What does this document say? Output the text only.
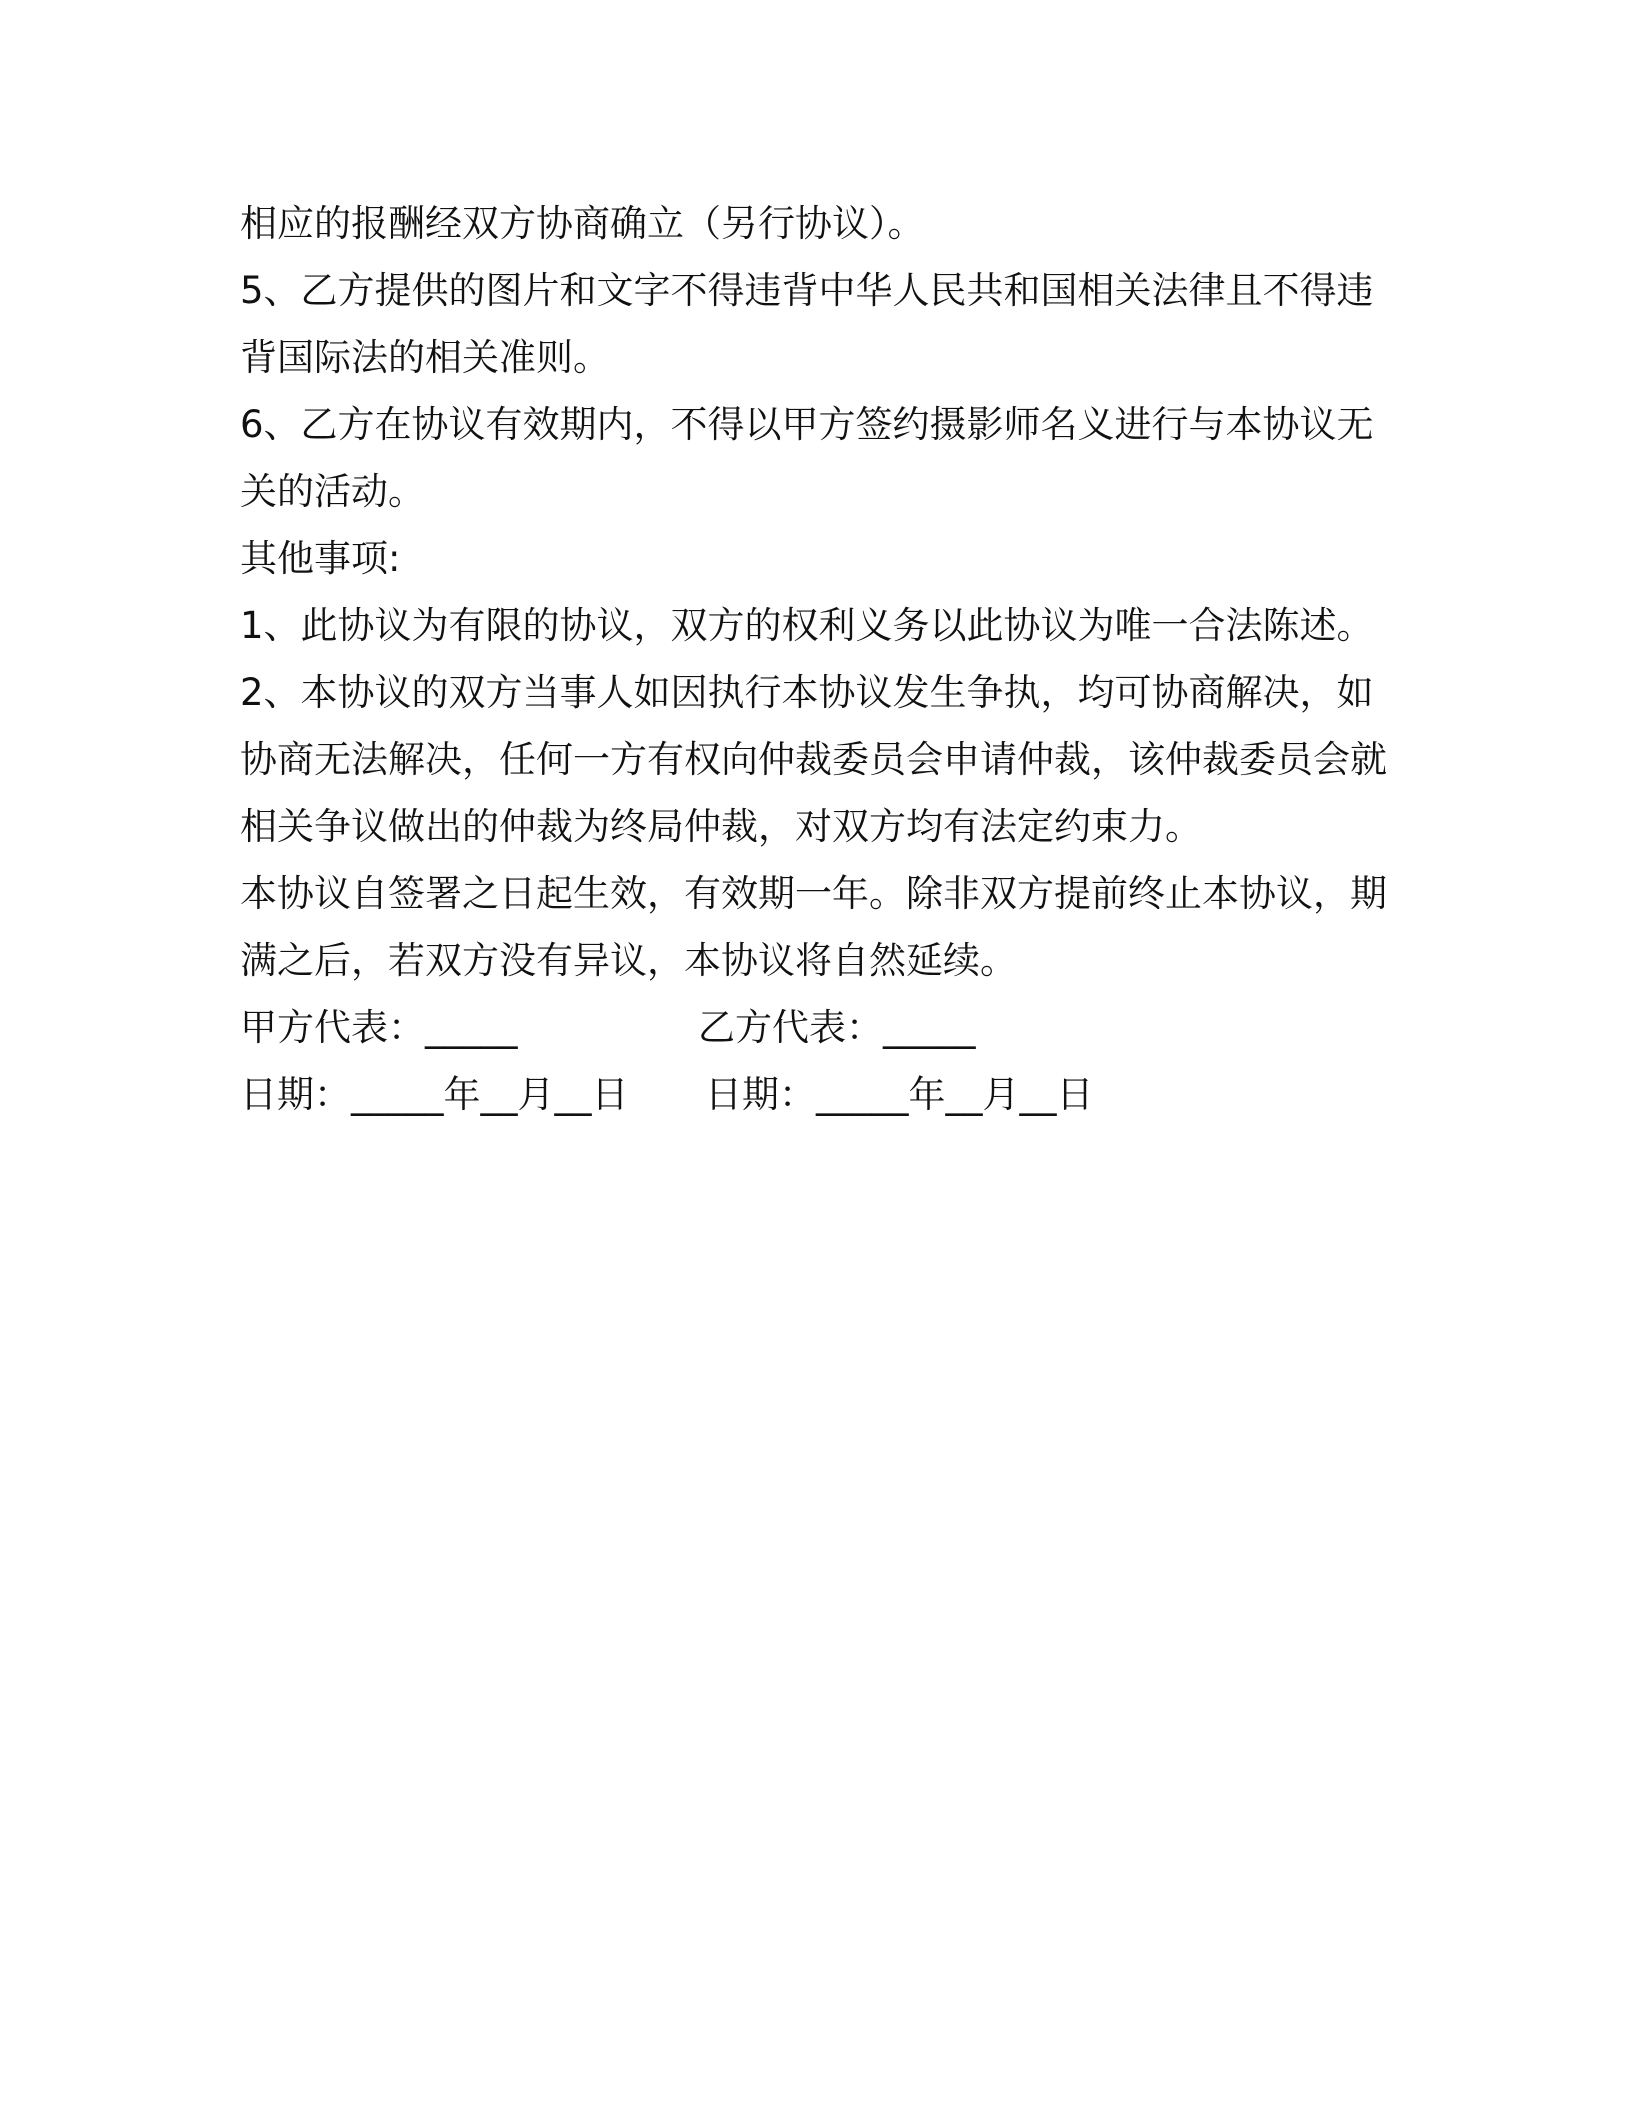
相应的报酬经双方协商确立（另行协议）。
5、乙方提供的图片和文字不得违背中华人民共和国相关法律且不得违
背国际法的相关准则。
6、乙方在协议有效期内，不得以甲方签约摄影师名义进行与本协议无
关的活动。
其他事项:
1、此协议为有限的协议，双方的权利义务以此协议为唯一合法陈述。
2、本协议的双方当事人如因执行本协议发生争执，均可协商解决，如
协商无法解决，任何一方有权向仲裁委员会申请仲裁，该仲裁委员会就
相关争议做出的仲裁为终局仲裁，对双方均有法定约束力。
本协议自签署之日起生效，有效期一年。除非双方提前终止本协议，期
满之后，若双方没有异议，本协议将自然延续。
甲方代表：_____	乙方代表：_____
日期：_____年__月__日 日期：_____年__月__日
